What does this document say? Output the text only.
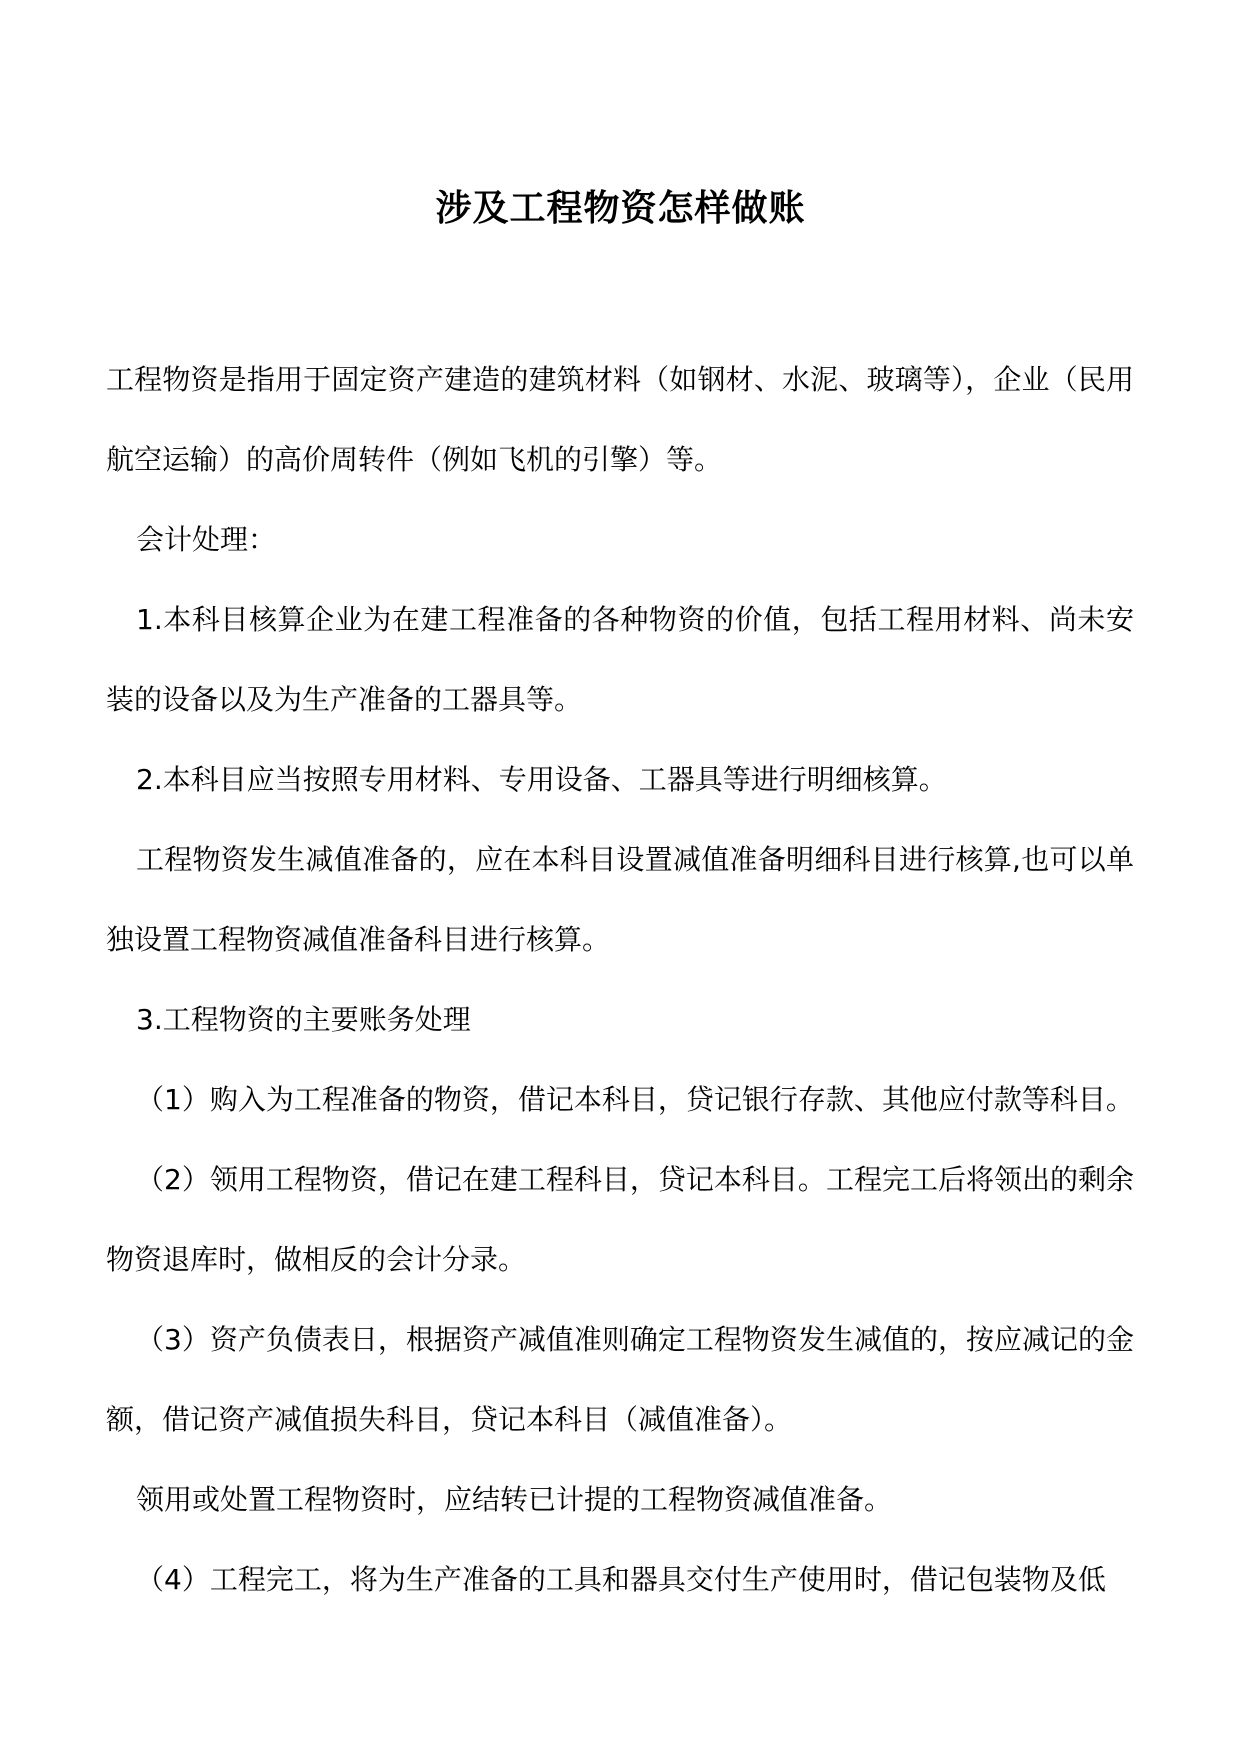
涉及工程物资怎样做账

工程物资是指用于固定资产建造的建筑材料（如钢材、水泥、玻璃等），企业（民用航空运输）的高价周转件（例如飞机的引擎）等。

会计处理：

1.本科目核算企业为在建工程准备的各种物资的价值，包括工程用材料、尚未安装的设备以及为生产准备的工器具等。

2.本科目应当按照专用材料、专用设备、工器具等进行明细核算。

工程物资发生减值准备的，应在本科目设置减值准备明细科目进行核算,也可以单独设置工程物资减值准备科目进行核算。

3.工程物资的主要账务处理

（1）购入为工程准备的物资，借记本科目，贷记银行存款、其他应付款等科目。

（2）领用工程物资，借记在建工程科目，贷记本科目。工程完工后将领出的剩余物资退库时，做相反的会计分录。

（3）资产负债表日，根据资产减值准则确定工程物资发生减值的，按应减记的金额，借记资产减值损失科目，贷记本科目（减值准备）。

领用或处置工程物资时，应结转已计提的工程物资减值准备。

（4）工程完工，将为生产准备的工具和器具交付生产使用时，借记包装物及低
